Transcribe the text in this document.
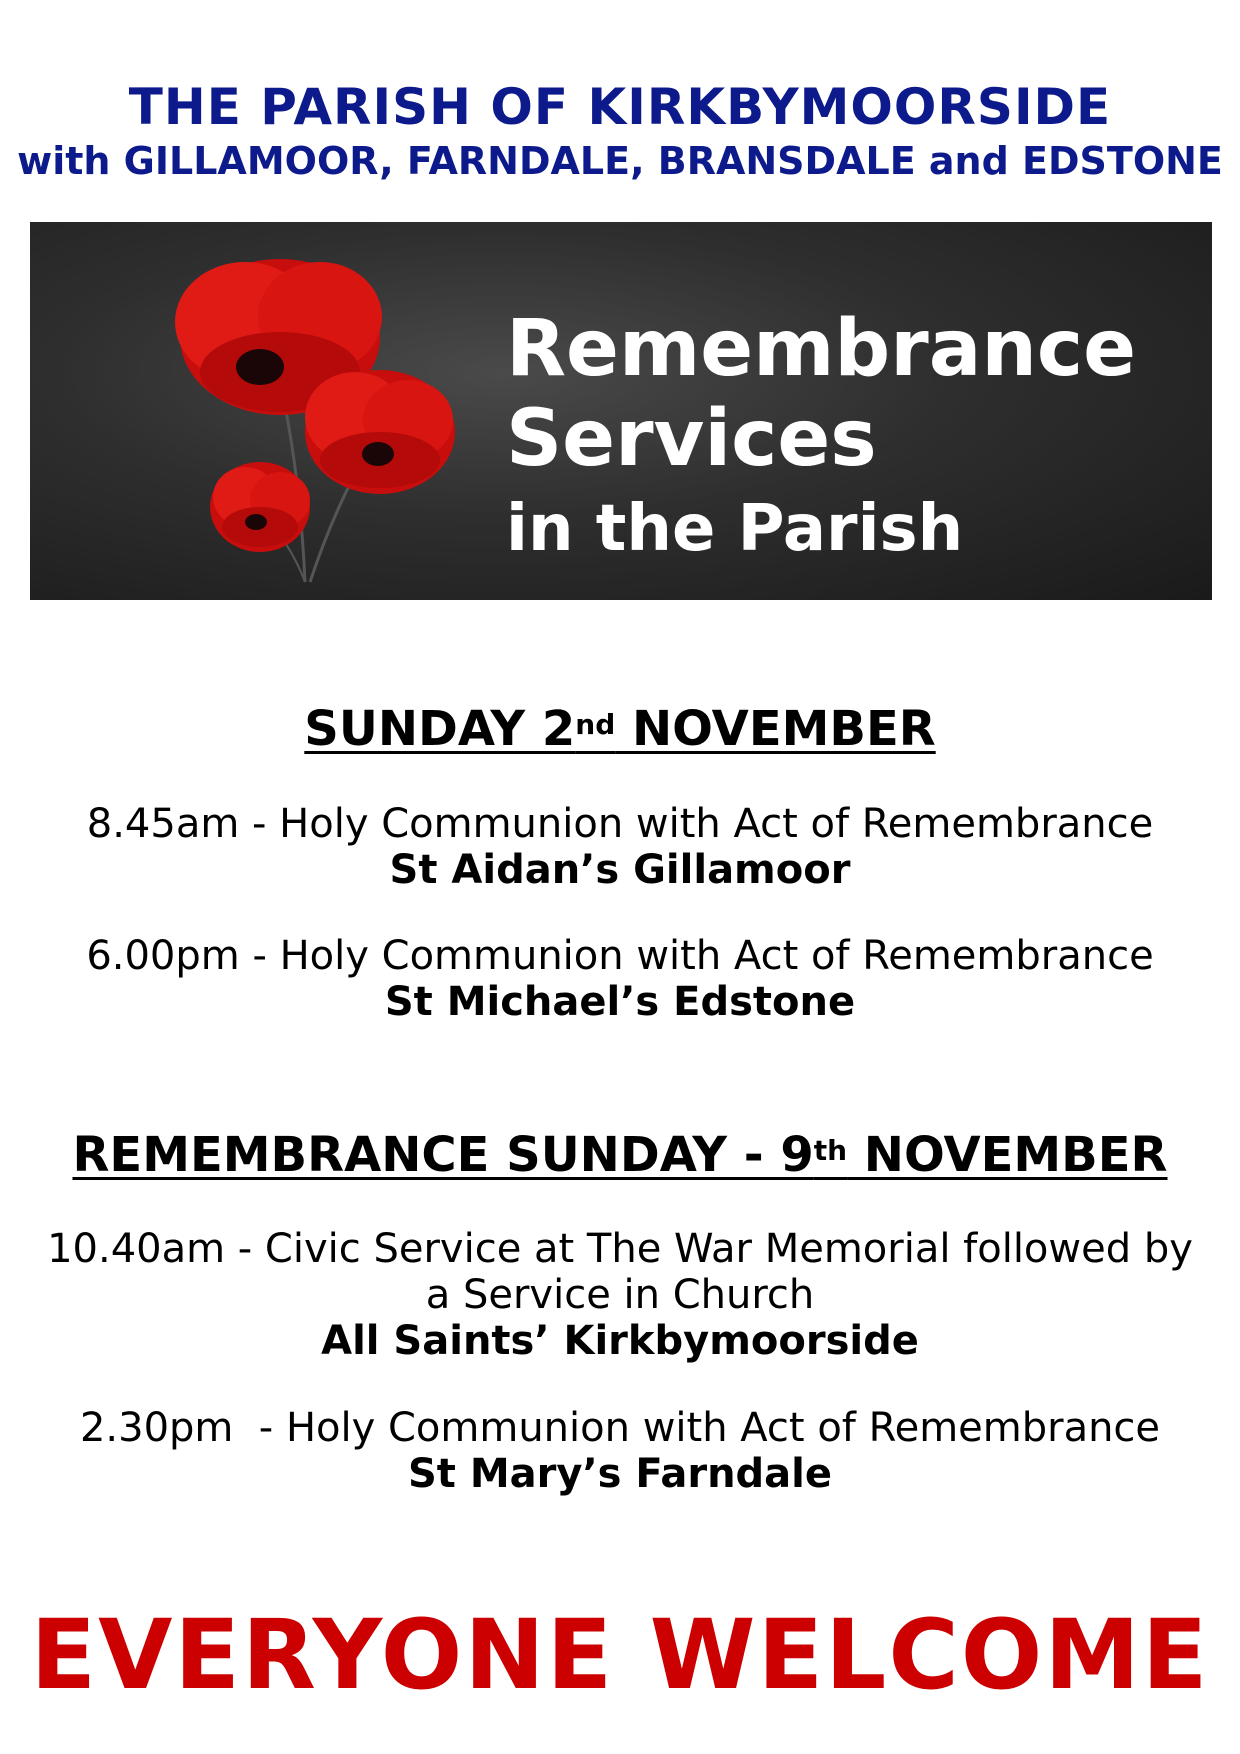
THE PARISH OF KIRKBYMOORSIDE
with GILLAMOOR, FARNDALE, BRANSDALE and EDSTONE
Remembrance
Services
in the Parish
SUNDAY 2nd NOVEMBER
8.45am - Holy Communion with Act of Remembrance
St Aidan’s Gillamoor
6.00pm - Holy Communion with Act of Remembrance
St Michael’s Edstone
REMEMBRANCE SUNDAY - 9th NOVEMBER
10.40am - Civic Service at The War Memorial followed by
a Service in Church
All Saints’ Kirkbymoorside
2.30pm  - Holy Communion with Act of Remembrance
St Mary’s Farndale
EVERYONE WELCOME
